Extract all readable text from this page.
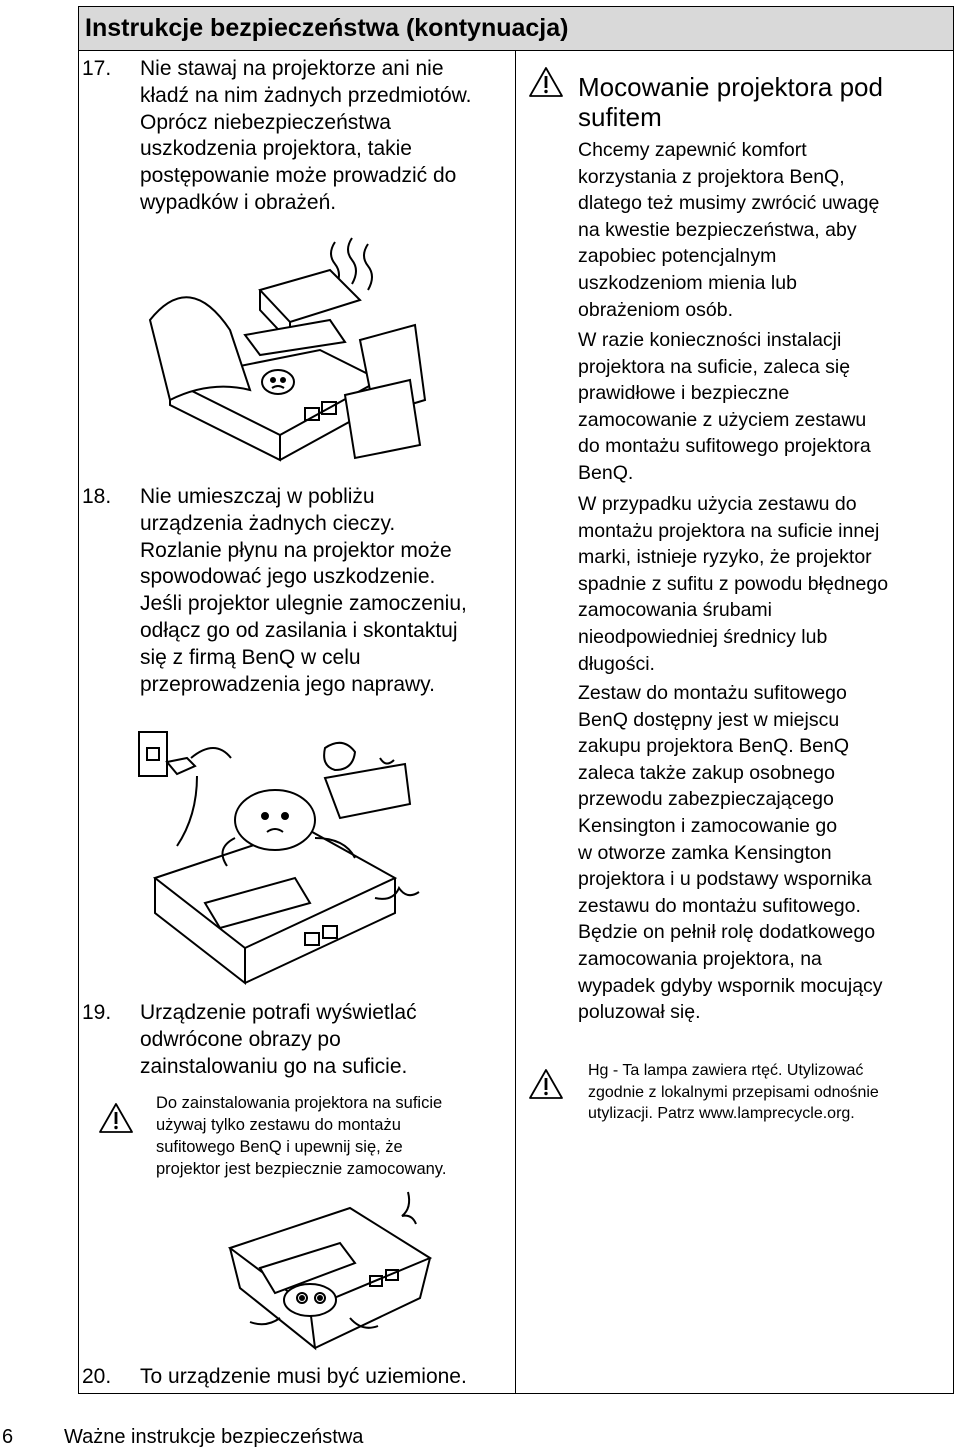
Instrukcje bezpieczeństwa (kontynuacja)
17. Nie stawaj na projektorze ani nie
kładź na nim żadnych przedmiotów.
Oprócz niebezpieczeństwa
uszkodzenia projektora, takie
postępowanie może prowadzić do
wypadków i obrażeń.
18. Nie umieszczaj w pobliżu
urządzenia żadnych cieczy.
Rozlanie płynu na projektor może
spowodować jego uszkodzenie.
Jeśli projektor ulegnie zamoczeniu,
odłącz go od zasilania i skontaktuj
się z firmą BenQ w celu
przeprowadzenia jego naprawy.
19. Urządzenie potrafi wyświetlać
odwrócone obrazy po
zainstalowaniu go na suficie.
Do zainstalowania projektora na suficie
używaj tylko zestawu do montażu
sufitowego BenQ i upewnij się, że
projektor jest bezpiecznie zamocowany.
20. To urządzenie musi być uziemione.
Mocowanie projektora pod
sufitem
Chcemy zapewnić komfort
korzystania z projektora BenQ,
dlatego też musimy zwrócić uwagę
na kwestie bezpieczeństwa, aby
zapobiec potencjalnym
uszkodzeniom mienia lub
obrażeniom osób.
W razie konieczności instalacji
projektora na suficie, zaleca się
prawidłowe i bezpieczne
zamocowanie z użyciem zestawu
do montażu sufitowego projektora
BenQ.
W przypadku użycia zestawu do
montażu projektora na suficie innej
marki, istnieje ryzyko, że projektor
spadnie z sufitu z powodu błędnego
zamocowania śrubami
nieodpowiedniej średnicy lub
długości.
Zestaw do montażu sufitowego
BenQ dostępny jest w miejscu
zakupu projektora BenQ. BenQ
zaleca także zakup osobnego
przewodu zabezpieczającego
Kensington i zamocowanie go
w otworze zamka Kensington
projektora i u podstawy wspornika
zestawu do montażu sufitowego.
Będzie on pełnił rolę dodatkowego
zamocowania projektora, na
wypadek gdyby wspornik mocujący
poluzował się.
Hg - Ta lampa zawiera rtęć. Utylizować
zgodnie z lokalnymi przepisami odnośnie
utylizacji. Patrz www.lamprecycle.org.
6	Ważne instrukcje bezpieczeństwa
